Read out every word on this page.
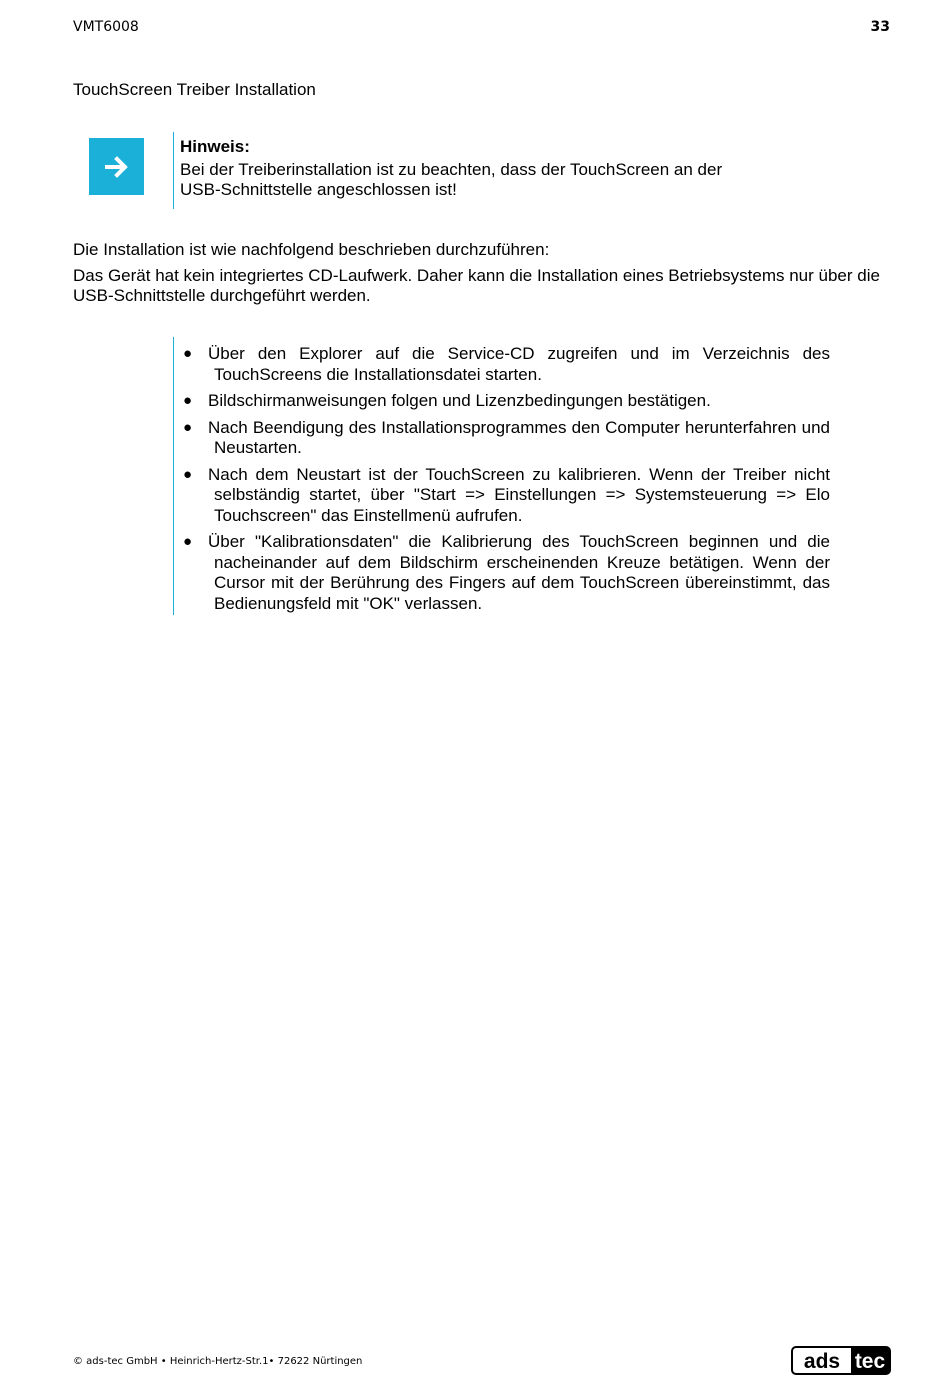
VMT6008	33
TouchScreen Treiber Installation
Hinweis:
Bei der Treiberinstallation ist zu beachten, dass der TouchScreen an der
USB-Schnittstelle angeschlossen ist!

Die Installation ist wie nachfolgend beschrieben durchzuführen:

Das Gerät hat kein integriertes CD-Laufwerk. Daher kann die Installation eines Betriebsystems nur über die USB-Schnittstelle durchgeführt werden.

● Über den Explorer auf die Service-CD zugreifen und im Verzeichnis des TouchScreens die Installationsdatei starten.
● Bildschirmanweisungen folgen und Lizenzbedingungen bestätigen.
● Nach Beendigung des Installationsprogrammes den Computer herunterfahren und Neustarten.
● Nach dem Neustart ist der TouchScreen zu kalibrieren. Wenn der Treiber nicht selbständig startet, über "Start => Einstellungen => Systemsteuerung => Elo Touchscreen" das Einstellmenü aufrufen.
● Über "Kalibrationsdaten" die Kalibrierung des TouchScreen beginnen und die nacheinander auf dem Bildschirm erscheinenden Kreuze betätigen. Wenn der Cursor mit der Berührung des Fingers auf dem TouchScreen übereinstimmt, das Bedienungsfeld mit "OK" verlassen.
© ads-tec GmbH • Heinrich-Hertz-Str.1• 72622 Nürtingen	ads tec
